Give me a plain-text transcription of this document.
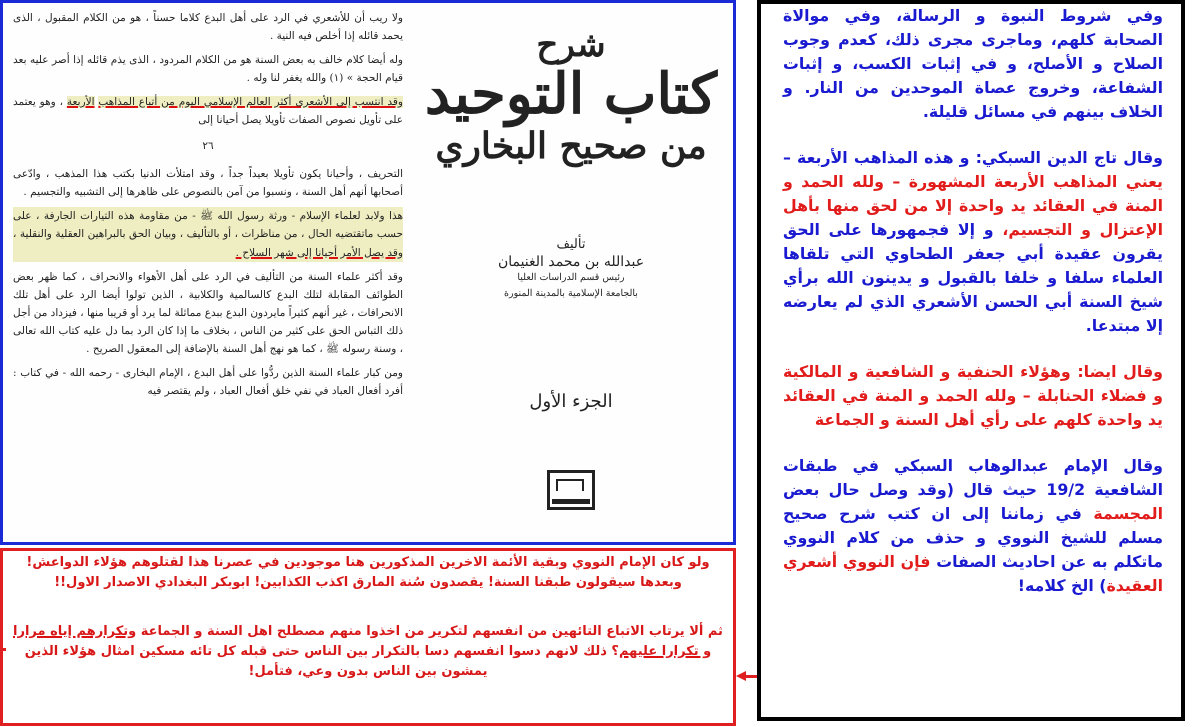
ولا ريب أن للأشعري في الرد على أهل البدع كلاما حسناً ، هو من الكلام المقبول ، الذى يحمد قائله إذا أخلص فيه النية .

وله أيضا كلام خالف به بعض السنة هو من الكلام المردود ، الذى يذم قائله إذا أصر عليه بعد قيام الحجة » (١) والله يغفر لنا وله .

وقد انتسب إلى الأشعرى أكثر العالم الإسلامي اليوم من أتباع المذاهب الأربعة ، وهو يعتمد على تأويل نصوص الصفات تأويلا يصل أحيانا إلى

٢٦

التحريف ، وأحيانا يكون تأويلا بعيداً جداً ، وقد امتلأت الدنيا بكتب هذا المذهب ، وادّعى أصحابها أنهم أهل السنة ، ونسبوا من آمن بالنصوص على ظاهرها إلى التشبيه والتجسيم .

هذا ولابد لعلماء الإسلام - ورثة رسول الله ﷺ - من مقاومة هذه التيارات الجارفة ، على حسب ماتقتضيه الحال ، من مناظرات ، أو بالتأليف ، وبيان الحق بالبراهين العقلية والنقلية ، وقد يصل الأمر أحيانا إلى شهر السلاح .

وقد أكثر علماء السنة من التأليف في الرد على أهل الأهواء والانحراف ، كما ظهر بعض الطوائف المقابلة لتلك البدع كالسالمية والكلابية ، الذين تولوا أيضا الرد على أهل تلك الانحرافات ، غير أنهم كثيراً مايردون البدع ببدع مماثلة لما يرد أو قريبا منها ، فيزداد من أجل ذلك التباس الحق على كثير من الناس ، بخلاف ما إذا كان الرد بما دل عليه كتاب الله تعالى ، وسنة رسوله ﷺ ، كما هو نهج أهل السنة بالإضافة إلى المعقول الصريح .

ومن كبار علماء السنة الذين ردُّوا على أهل البدع ، الإمام البخارى - رحمه الله - في كتاب : أفرد أفعال العباد في نفي خلق أفعال العباد ، ولم يقتصر فيه

شرح
كتاب التوحيد
من صحيح البخاري
تأليف
عبدالله بن محمد الغنيمان
رئيس قسم الدراسات العليا
بالجامعة الإسلامية بالمدينة المنورة
الجزء الأول

ولو كان الإمام النووي وبقية الأئمة الاخرين المذكورين هنا موجودين في عصرنا هذا لقتلوهم هؤلاء الدواعش! وبعدها سيقولون طبقنا السنة! يقصدون سُنة المارق اكذب الكذابين! ابوبكر البغدادي الاصدار الاول!!

ثم ألا يرتاب الاتباع التائهين من انفسهم لتكرير من اخذوا منهم مصطلح اهل السنة و الجماعة وتكرارهم إياه مرارا و تكرارا عليهم؟ ذلك لانهم دسوا انفسهم دسا بالتكرار بين الناس حتى قبله كل تائه مسكين امثال هؤلاء الذين يمشون بين الناس بدون وعي، فتأمل!

وفي شروط النبوة و الرسالة، وفي موالاة الصحابة كلهم، وماجرى مجرى ذلك، كعدم وجوب الصلاح و الأصلح، و في إثبات الكسب، و إثبات الشفاعة، وخروج عصاة الموحدين من النار. و الخلاف بينهم في مسائل قليلة.

وقال تاج الدين السبكي: و هذه المذاهب الأربعة – يعني المذاهب الأربعة المشهورة – ولله الحمد و المنة في العقائد يد واحدة إلا من لحق منها بأهل الإعتزال و التجسيم، و إلا فجمهورها على الحق يقرون عقيدة أبي جعفر الطحاوي التي تلقاها العلماء سلفا و خلفا بالقبول و يدينون الله برأي شيخ السنة أبي الحسن الأشعري الذي لم يعارضه إلا مبتدعا.

وقال ايضا: وهؤلاء الحنفية و الشافعية و المالكية و فضلاء الحنابلة – ولله الحمد و المنة في العقائد يد واحدة كلهم على رأي أهل السنة و الجماعة

وقال الإمام عبدالوهاب السبكي في طبقات الشافعية 19/2 حيث قال (وقد وصل حال بعض المجسمة في زماننا إلى ان كتب شرح صحيح مسلم للشيخ النووي و حذف من كلام النووي ماتكلم به عن احاديث الصفات فإن النووي أشعري العقيدة) الخ كلامه!
